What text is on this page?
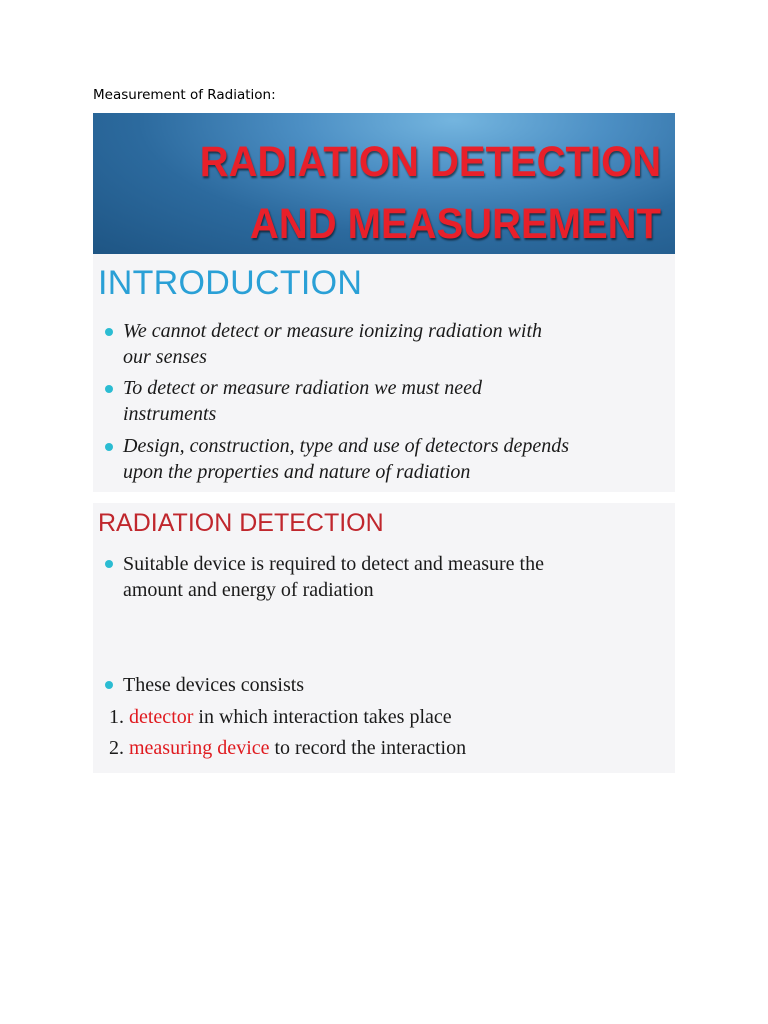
Measurement of Radiation:
RADIATION DETECTION
AND MEASUREMENT
INTRODUCTION
We cannot detect or measure ionizing radiation with
our senses
To detect or measure radiation we must need
instruments
Design, construction, type and use of detectors depends
upon the properties and nature of radiation
RADIATION DETECTION
Suitable device is required to detect and measure the
amount and energy of radiation
These devices consists
1. detector in which interaction takes place
2. measuring device to record the interaction
